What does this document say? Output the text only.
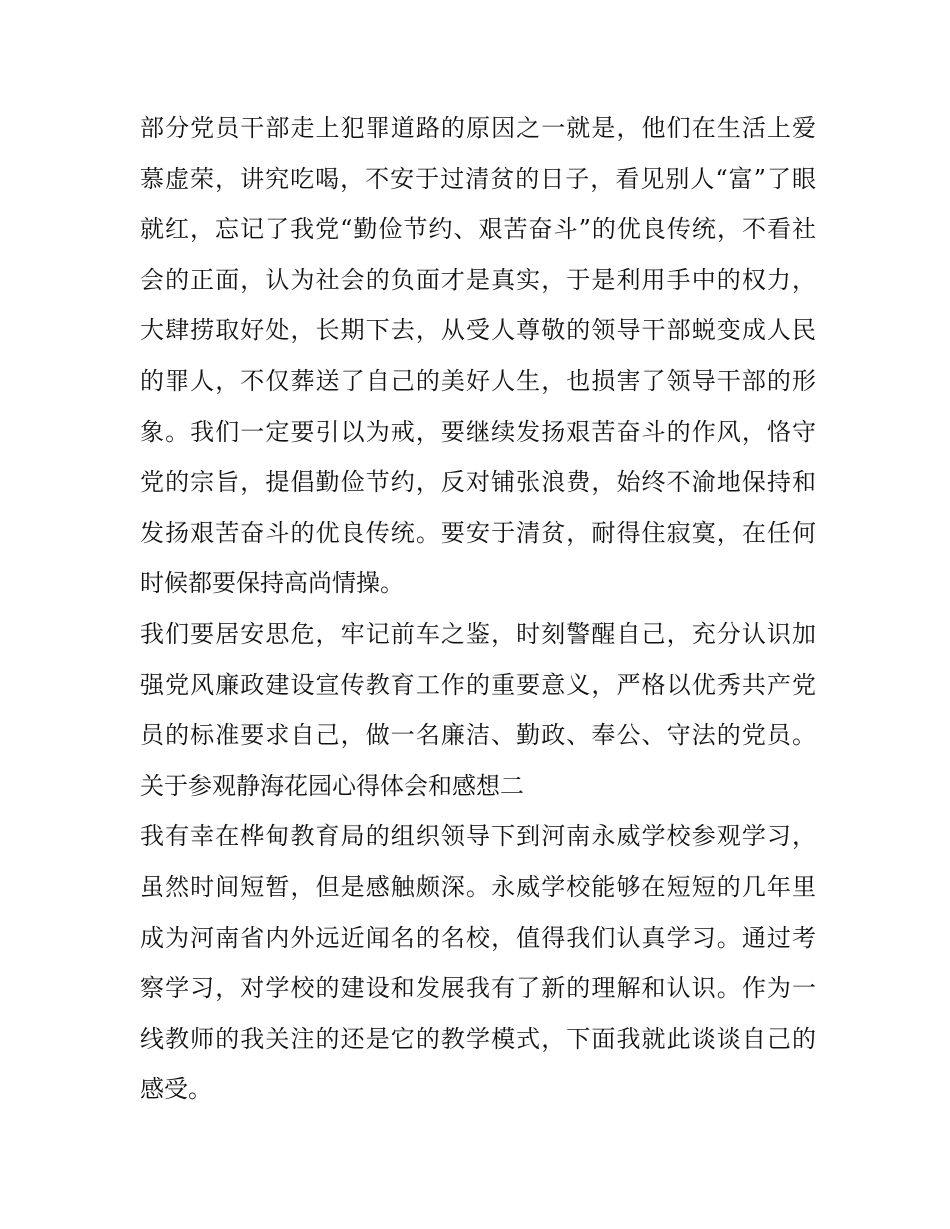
部分党员干部走上犯罪道路的原因之一就是，他们在生活上爱
慕虚荣，讲究吃喝，不安于过清贫的日子，看见别人“富”了眼
就红，忘记了我党“勤俭节约、艰苦奋斗”的优良传统，不看社
会的正面，认为社会的负面才是真实，于是利用手中的权力，
大肆捞取好处，长期下去，从受人尊敬的领导干部蜕变成人民
的罪人，不仅葬送了自己的美好人生，也损害了领导干部的形
象。我们一定要引以为戒，要继续发扬艰苦奋斗的作风，恪守
党的宗旨，提倡勤俭节约，反对铺张浪费，始终不渝地保持和
发扬艰苦奋斗的优良传统。要安于清贫，耐得住寂寞，在任何
时候都要保持高尚情操。
我们要居安思危，牢记前车之鉴，时刻警醒自己，充分认识加
强党风廉政建设宣传教育工作的重要意义，严格以优秀共产党
员的标准要求自己，做一名廉洁、勤政、奉公、守法的党员。
关于参观静海花园心得体会和感想二
我有幸在桦甸教育局的组织领导下到河南永威学校参观学习，
虽然时间短暂，但是感触颇深。永威学校能够在短短的几年里
成为河南省内外远近闻名的名校，值得我们认真学习。通过考
察学习，对学校的建设和发展我有了新的理解和认识。作为一
线教师的我关注的还是它的教学模式，下面我就此谈谈自己的
感受。
